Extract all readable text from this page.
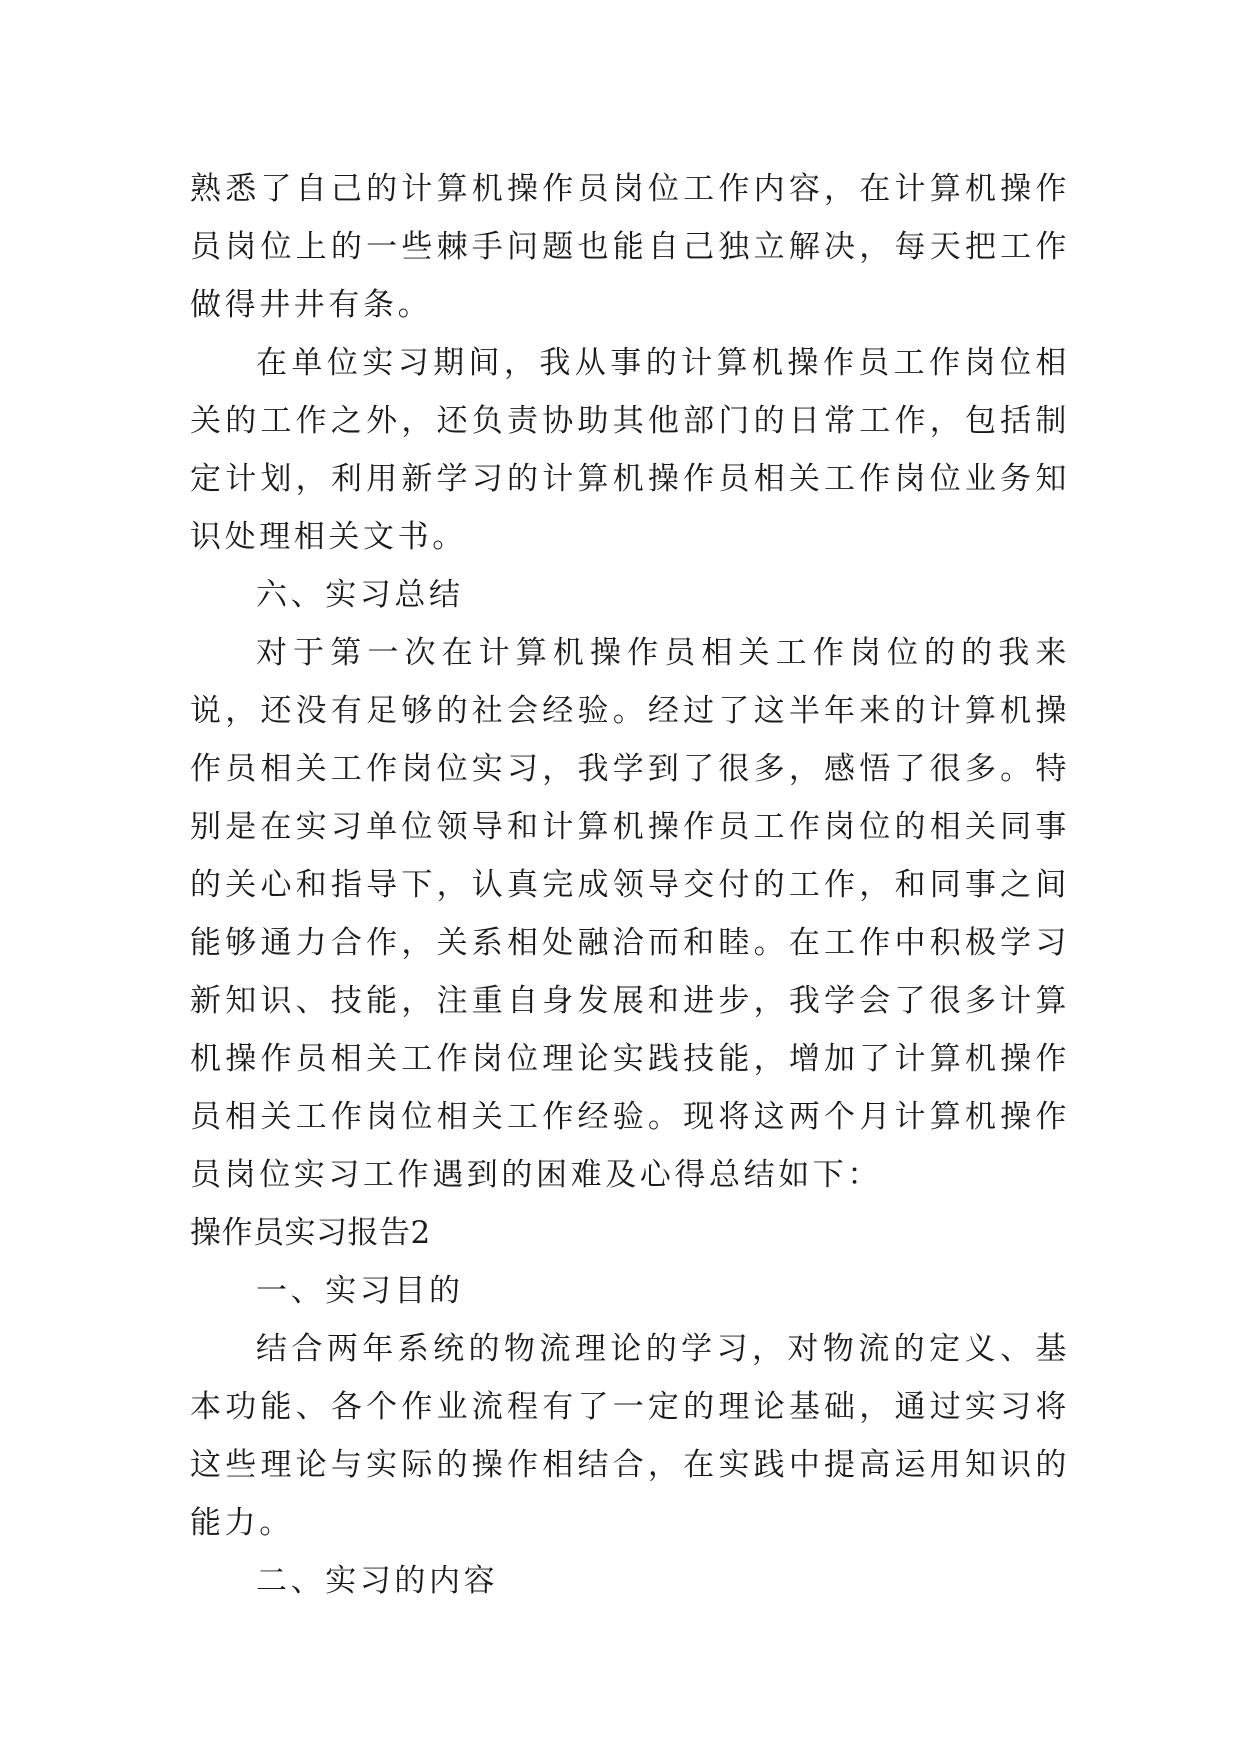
熟悉了自己的计算机操作员岗位工作内容，在计算机操作员岗位上的一些棘手问题也能自己独立解决，每天把工作做得井井有条。

在单位实习期间，我从事的计算机操作员工作岗位相关的工作之外，还负责协助其他部门的日常工作，包括制定计划，利用新学习的计算机操作员相关工作岗位业务知识处理相关文书。

六、实习总结

对于第一次在计算机操作员相关工作岗位的的我来说，还没有足够的社会经验。经过了这半年来的计算机操作员相关工作岗位实习，我学到了很多，感悟了很多。特别是在实习单位领导和计算机操作员工作岗位的相关同事的关心和指导下，认真完成领导交付的工作，和同事之间能够通力合作，关系相处融洽而和睦。在工作中积极学习新知识、技能，注重自身发展和进步，我学会了很多计算机操作员相关工作岗位理论实践技能，增加了计算机操作员相关工作岗位相关工作经验。现将这两个月计算机操作员岗位实习工作遇到的困难及心得总结如下：

操作员实习报告2

一、实习目的

结合两年系统的物流理论的学习，对物流的定义、基本功能、各个作业流程有了一定的理论基础，通过实习将这些理论与实际的操作相结合，在实践中提高运用知识的能力。

二、实习的内容
